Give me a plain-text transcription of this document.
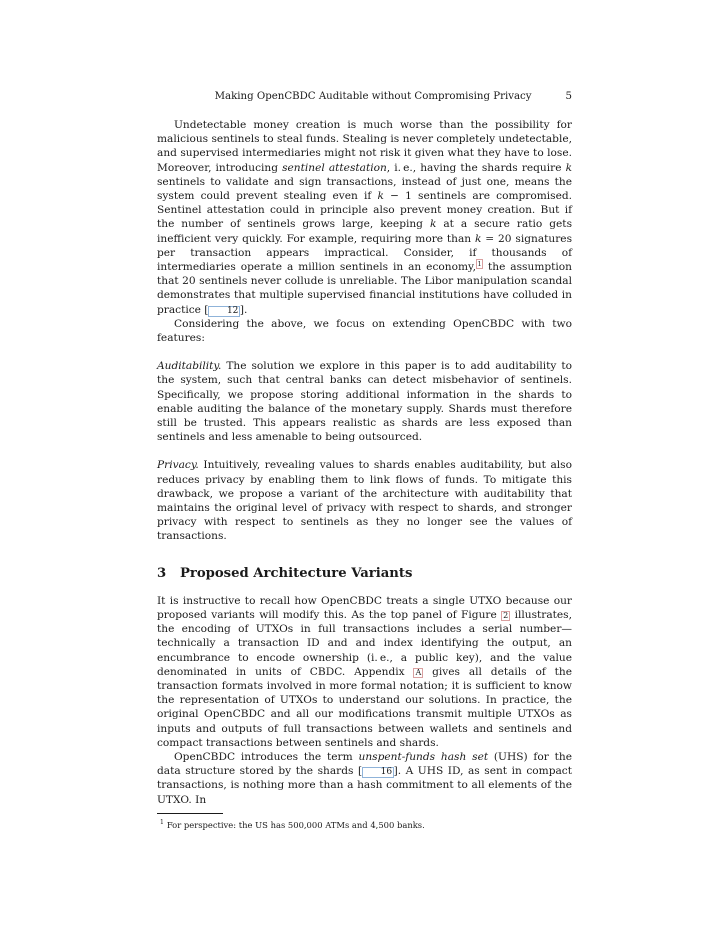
Making OpenCBDC Auditable without Compromising Privacy	5

Undetectable money creation is much worse than the possibility for malicious sentinels to steal funds. Stealing is never completely undetectable, and supervised intermediaries might not risk it given what they have to lose. Moreover, introducing sentinel attestation, i. e., having the shards require k sentinels to validate and sign transactions, instead of just one, means the system could prevent stealing even if k − 1 sentinels are compromised. Sentinel attestation could in principle also prevent money creation. But if the number of sentinels grows large, keeping k at a secure ratio gets inefficient very quickly. For example, requiring more than k = 20 signatures per transaction appears impractical. Consider, if thousands of intermediaries operate a million sentinels in an economy, $^1$ the assumption that 20 sentinels never collude is unreliable. The Libor manipulation scandal demonstrates that multiple supervised financial institutions have colluded in practice [ 12 ].

Considering the above, we focus on extending OpenCBDC with two features:

Auditability. The solution we explore in this paper is to add auditability to the system, such that central banks can detect misbehavior of sentinels. Specifically, we propose storing additional information in the shards to enable auditing the balance of the monetary supply. Shards must therefore still be trusted. This appears realistic as shards are less exposed than sentinels and less amenable to being outsourced.

Privacy. Intuitively, revealing values to shards enables auditability, but also reduces privacy by enabling them to link flows of funds. To mitigate this drawback, we propose a variant of the architecture with auditability that maintains the original level of privacy with respect to shards, and stronger privacy with respect to sentinels as they no longer see the values of transactions.

3 Proposed Architecture Variants

It is instructive to recall how OpenCBDC treats a single UTXO because our proposed variants will modify this. As the top panel of Figure 2 illustrates, the encoding of UTXOs in full transactions includes a serial number—technically a transaction ID and and index identifying the output, an encumbrance to encode ownership (i. e., a public key), and the value denominated in units of CBDC. Appendix A gives all details of the transaction formats involved in more formal notation; it is sufficient to know the representation of UTXOs to understand our solutions. In practice, the original OpenCBDC and all our modifications transmit multiple UTXOs as inputs and outputs of full transactions between wallets and sentinels and compact transactions between sentinels and shards.

OpenCBDC introduces the term unspent-funds hash set (UHS) for the data structure stored by the shards [ 16 ]. A UHS ID, as sent in compact transactions, is nothing more than a hash commitment to all elements of the UTXO. In

$^1$ For perspective: the US has 500,000 ATMs and 4,500 banks.
